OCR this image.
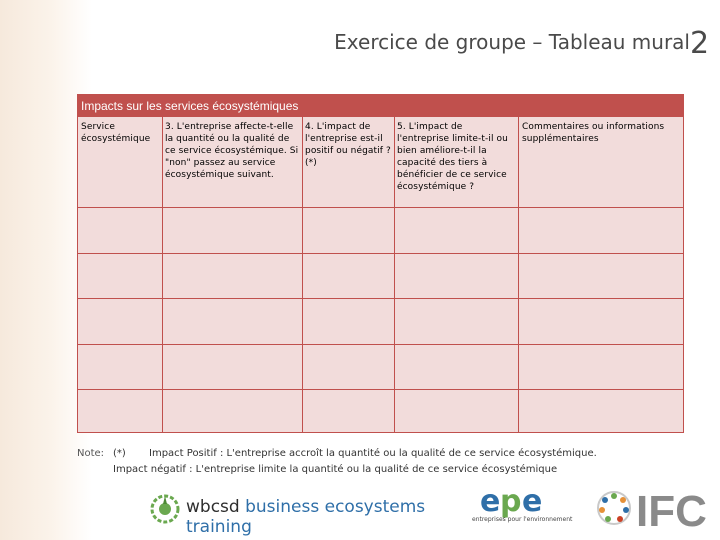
Exercice de groupe – Tableau mural 2
Impacts sur les services écosystémiques
Service écosystémique
3. L'entreprise affecte-t-elle la quantité ou la qualité de ce service écosystémique. Si "non" passez au service écosystémique suivant.
4. L'impact de l'entreprise est-il positif ou négatif ?(*)
5. L'impact de l'entreprise limite-t-il ou bien améliore-t-il la capacité des tiers à bénéficier de ce service écosystémique ?
Commentaires ou informations supplémentaires
Note: (*) Impact Positif : L'entreprise accroît la quantité ou la qualité de ce service écosystémique.
Impact négatif : L'entreprise limite la quantité ou la qualité de ce service écosystémique
wbcsd business ecosystems training
e p e
entreprises pour l'environnement IFC
